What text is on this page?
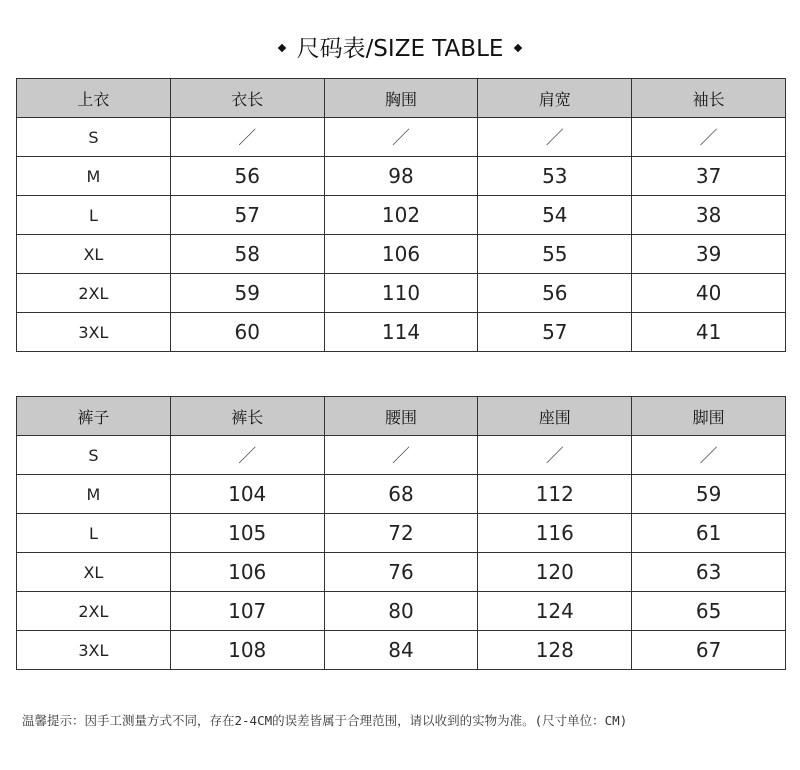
尺码表/SIZE TABLE
上衣	衣长	胸围	肩宽	袖长
S	／	／	／	／
M	56	98	53	37
L	57	102	54	38
XL	58	106	55	39
2XL	59	110	56	40
3XL	60	114	57	41
裤子	裤长	腰围	座围	脚围
S	／	／	／	／
M	104	68	112	59
L	105	72	116	61
XL	106	76	120	63
2XL	107	80	124	65
3XL	108	84	128	67
温馨提示：因手工测量方式不同，存在2-4CM的误差皆属于合理范围，请以收到的实物为准。(尺寸单位：CM)
